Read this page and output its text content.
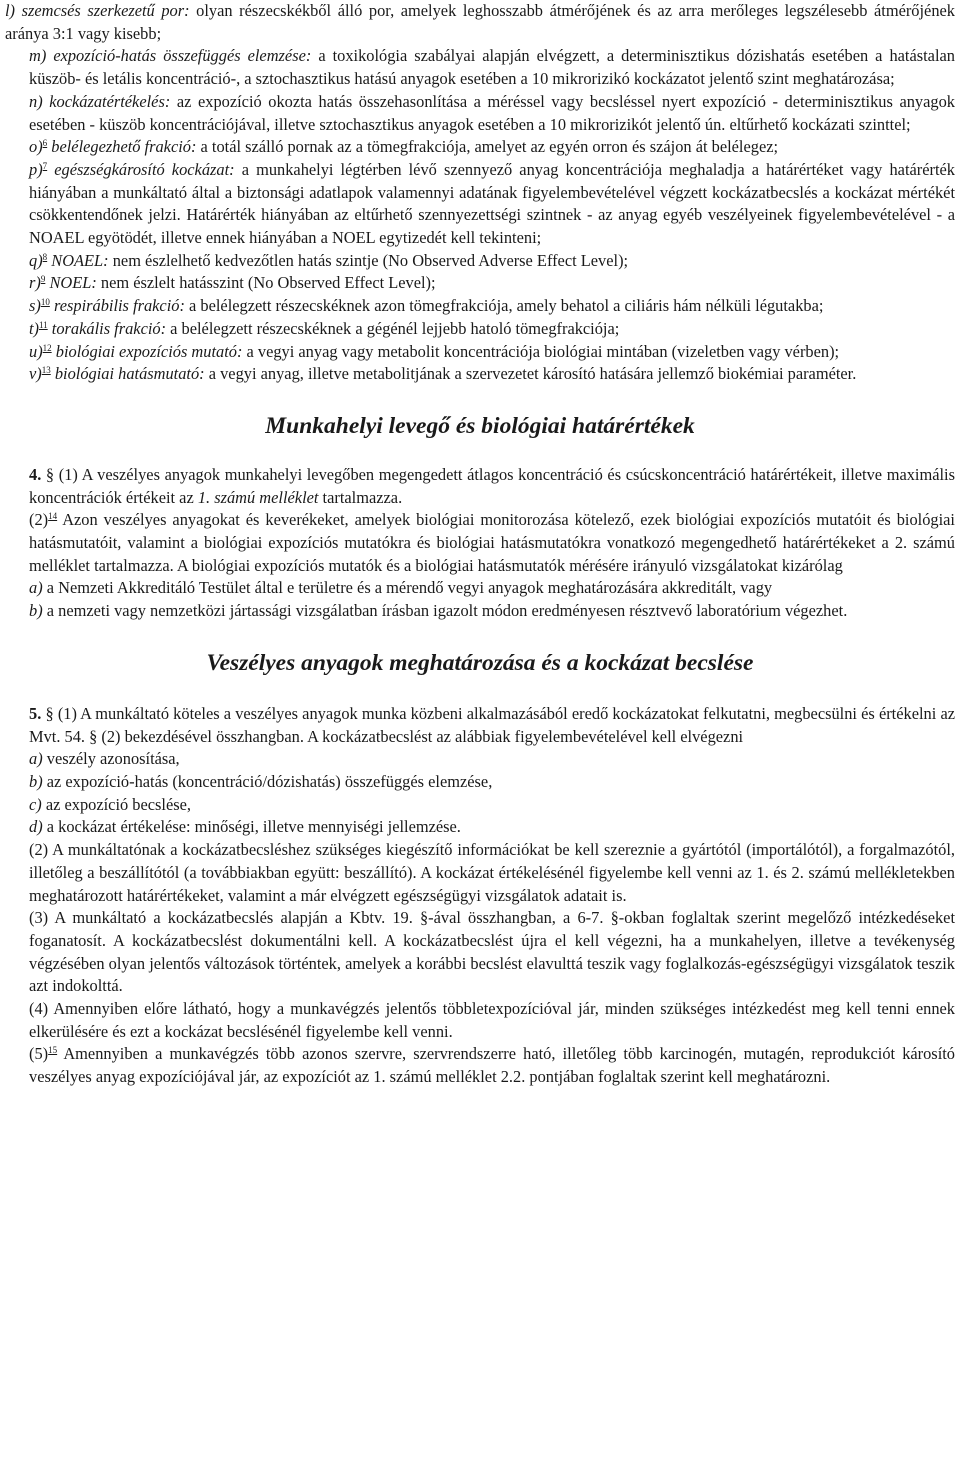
l) szemcsés szerkezetű por: olyan részecskékből álló por, amelyek leghosszabb átmérőjének és az arra merőleges legszélesebb átmérőjének aránya 3:1 vagy kisebb;

m) expozíció-hatás összefüggés elemzése: a toxikológia szabályai alapján elvégzett, a determinisztikus dózishatás esetében a hatástalan küszöb- és letális koncentráció-, a sztochasztikus hatású anyagok esetében a 10 mikrorizikó kockázatot jelentő szint meghatározása;

n) kockázatértékelés: az expozíció okozta hatás összehasonlítása a méréssel vagy becsléssel nyert expozíció - determinisztikus anyagok esetében - küszöb koncentrációjával, illetve sztochasztikus anyagok esetében a 10 mikrorizikót jelentő ún. eltűrhető kockázati szinttel;

o)$^6$ belélegezhető frakció: a totál szálló pornak az a tömegfrakciója, amelyet az egyén orron és szájon át belélegez;

p)$^7$ egészségkárosító kockázat: a munkahelyi légtérben lévő szennyező anyag koncentrációja meghaladja a határértéket vagy határérték hiányában a munkáltató által a biztonsági adatlapok valamennyi adatának figyelembevételével végzett kockázatbecslés a kockázat mértékét csökkentendőnek jelzi. Határérték hiányában az eltűrhető szennyezettségi szintnek - az anyag egyéb veszélyeinek figyelembevételével - a NOAEL egyötödét, illetve ennek hiányában a NOEL egytizedét kell tekinteni;

q)$^8$ NOAEL: nem észlelhető kedvezőtlen hatás szintje (No Observed Adverse Effect Level);

r)$^9$ NOEL: nem észlelt hatásszint (No Observed Effect Level);

s)$^{10}$ respirábilis frakció: a belélegzett részecskéknek azon tömegfrakciója, amely behatol a ciliáris hám nélküli légutakba;

t)$^{11}$ torakális frakció: a belélegzett részecskéknek a gégénél lejjebb hatoló tömegfrakciója;

u)$^{12}$ biológiai expozíciós mutató: a vegyi anyag vagy metabolit koncentrációja biológiai mintában (vizeletben vagy vérben);

v)$^{13}$ biológiai hatásmutató: a vegyi anyag, illetve metabolitjának a szervezetet károsító hatására jellemző biokémiai paraméter.

Munkahelyi levegő és biológiai határértékek

4. § (1) A veszélyes anyagok munkahelyi levegőben megengedett átlagos koncentráció és csúcskoncentráció határértékeit, illetve maximális koncentrációk értékeit az 1. számú melléklet tartalmazza.

(2)$^{14}$ Azon veszélyes anyagokat és keverékeket, amelyek biológiai monitorozása kötelező, ezek biológiai expozíciós mutatóit és biológiai hatásmutatóit, valamint a biológiai expozíciós mutatókra és biológiai hatásmutatókra vonatkozó megengedhető határértékeket a 2. számú melléklet tartalmazza. A biológiai expozíciós mutatók és a biológiai hatásmutatók mérésére irányuló vizsgálatokat kizárólag

a) a Nemzeti Akkreditáló Testület által e területre és a mérendő vegyi anyagok meghatározására akkreditált, vagy

b) a nemzeti vagy nemzetközi jártassági vizsgálatban írásban igazolt módon eredményesen résztvevő laboratórium végezhet.

Veszélyes anyagok meghatározása és a kockázat becslése

5. § (1) A munkáltató köteles a veszélyes anyagok munka közbeni alkalmazásából eredő kockázatokat felkutatni, megbecsülni és értékelni az Mvt. 54. § (2) bekezdésével összhangban. A kockázatbecslést az alábbiak figyelembevételével kell elvégezni

a) veszély azonosítása,

b) az expozíció-hatás (koncentráció/dózishatás) összefüggés elemzése,

c) az expozíció becslése,

d) a kockázat értékelése: minőségi, illetve mennyiségi jellemzése.

(2) A munkáltatónak a kockázatbecsléshez szükséges kiegészítő információkat be kell szereznie a gyártótól (importálótól), a forgalmazótól, illetőleg a beszállítótól (a továbbiakban együtt: beszállító). A kockázat értékelésénél figyelembe kell venni az 1. és 2. számú mellékletekben meghatározott határértékeket, valamint a már elvégzett egészségügyi vizsgálatok adatait is.

(3) A munkáltató a kockázatbecslés alapján a Kbtv. 19. §-ával összhangban, a 6-7. §-okban foglaltak szerint megelőző intézkedéseket foganatosít. A kockázatbecslést dokumentálni kell. A kockázatbecslést újra el kell végezni, ha a munkahelyen, illetve a tevékenység végzésében olyan jelentős változások történtek, amelyek a korábbi becslést elavulttá teszik vagy foglalkozás-egészségügyi vizsgálatok teszik azt indokolttá.

(4) Amennyiben előre látható, hogy a munkavégzés jelentős többletexpozícióval jár, minden szükséges intézkedést meg kell tenni ennek elkerülésére és ezt a kockázat becslésénél figyelembe kell venni.

(5)$^{15}$ Amennyiben a munkavégzés több azonos szervre, szervrendszerre ható, illetőleg több karcinogén, mutagén, reprodukciót károsító veszélyes anyag expozíciójával jár, az expozíciót az 1. számú melléklet 2.2. pontjában foglaltak szerint kell meghatározni.
